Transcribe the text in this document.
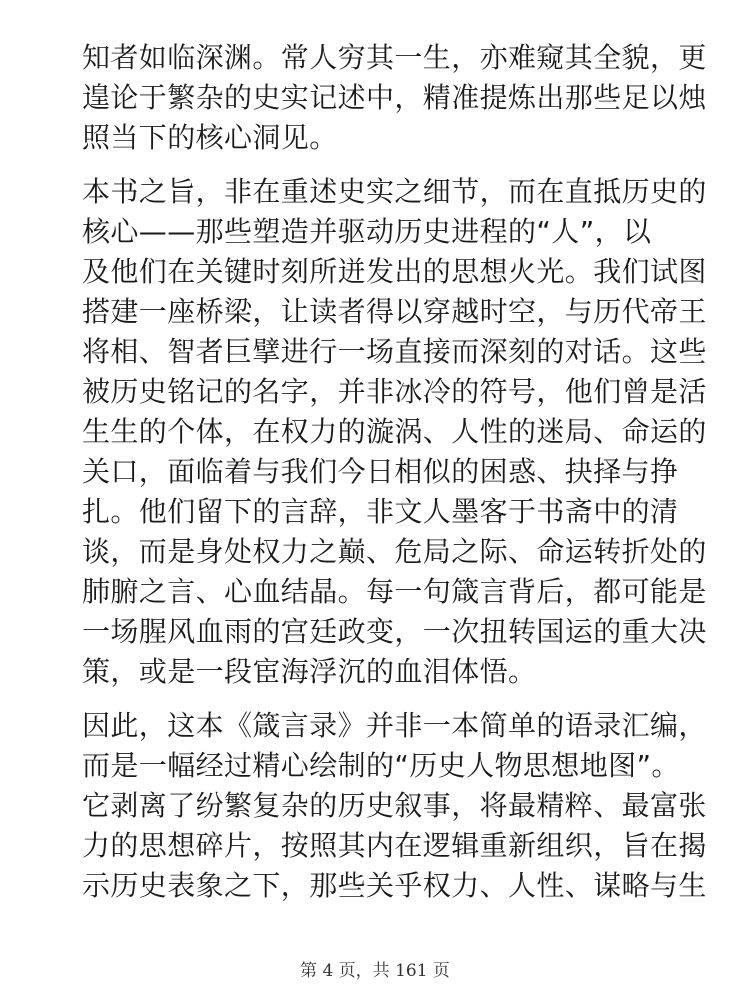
知者如临深渊。常人穷其一生，亦难窥其全貌，更
遑论于繁杂的史实记述中，精准提炼出那些足以烛
照当下的核心洞见。

本书之旨，非在重述史实之细节，而在直抵历史的
核心——那些塑造并驱动历史进程的“人”，以
及他们在关键时刻所迸发出的思想火光。我们试图
搭建一座桥梁，让读者得以穿越时空，与历代帝王
将相、智者巨擘进行一场直接而深刻的对话。这些
被历史铭记的名字，并非冰冷的符号，他们曾是活
生生的个体，在权力的漩涡、人性的迷局、命运的
关口，面临着与我们今日相似的困惑、抉择与挣
扎。他们留下的言辞，非文人墨客于书斋中的清
谈，而是身处权力之巅、危局之际、命运转折处的
肺腑之言、心血结晶。每一句箴言背后，都可能是
一场腥风血雨的宫廷政变，一次扭转国运的重大决
策，或是一段宦海浮沉的血泪体悟。

因此，这本《箴言录》并非一本简单的语录汇编，
而是一幅经过精心绘制的“历史人物思想地图”。
它剥离了纷繁复杂的历史叙事，将最精粹、最富张
力的思想碎片，按照其内在逻辑重新组织，旨在揭
示历史表象之下，那些关乎权力、人性、谋略与生

第 4 页，共 161 页
